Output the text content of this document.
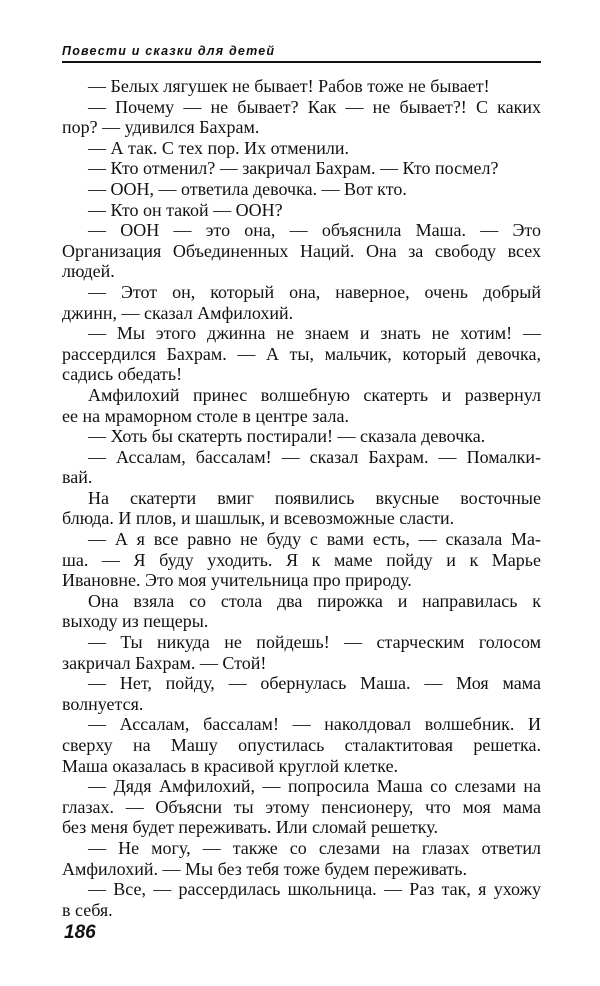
Повести и сказки для детей
— Белых лягушек не бывает! Рабов тоже не бывает!
— Почему — не бывает? Как — не бывает?! С каких
пор? — удивился Бахрам.
— А так. С тех пор. Их отменили.
— Кто отменил? — закричал Бахрам. — Кто посмел?
— ООН, — ответила девочка. — Вот кто.
— Кто он такой — ООН?
— ООН — это она, — объяснила Маша. — Это
Организация Объединенных Наций. Она за свободу всех
людей.
— Этот он, который она, наверное, очень добрый
джинн, — сказал Амфилохий.
— Мы этого джинна не знаем и знать не хотим! —
рассердился Бахрам. — А ты, мальчик, который девочка,
садись обедать!
Амфилохий принес волшебную скатерть и развернул
ее на мраморном столе в центре зала.
— Хоть бы скатерть постирали! — сказала девочка.
— Ассалам, бассалам! — сказал Бахрам. — Помалки-
вай.
На скатерти вмиг появились вкусные восточные
блюда. И плов, и шашлык, и всевозможные сласти.
— А я все равно не буду с вами есть, — сказала Ма-
ша. — Я буду уходить. Я к маме пойду и к Марье
Ивановне. Это моя учительница про природу.
Она взяла со стола два пирожка и направилась к
выходу из пещеры.
— Ты никуда не пойдешь! — старческим голосом
закричал Бахрам. — Стой!
— Нет, пойду, — обернулась Маша. — Моя мама
волнуется.
— Ассалам, бассалам! — наколдовал волшебник. И
сверху на Машу опустилась сталактитовая решетка.
Маша оказалась в красивой круглой клетке.
— Дядя Амфилохий, — попросила Маша со слезами на
глазах. — Объясни ты этому пенсионеру, что моя мама
без меня будет переживать. Или сломай решетку.
— Не могу, — также со слезами на глазах ответил
Амфилохий. — Мы без тебя тоже будем переживать.
— Все, — рассердилась школьница. — Раз так, я ухожу
в себя.
186
